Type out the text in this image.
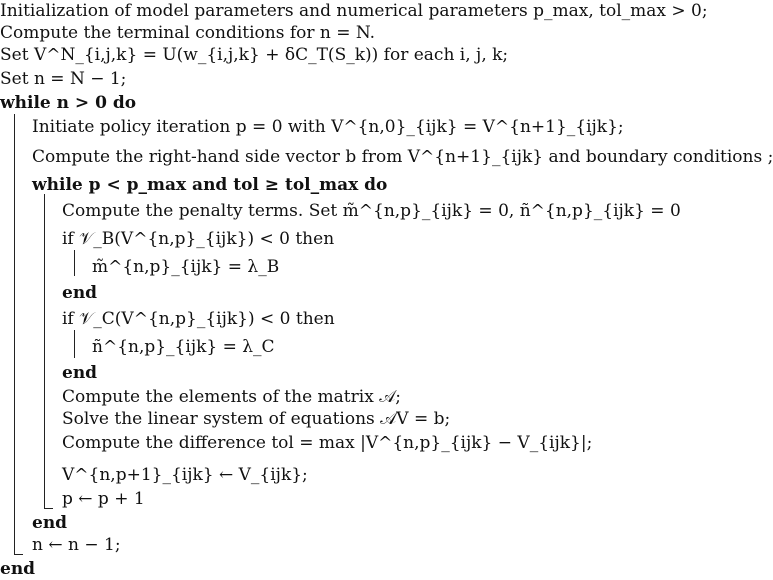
Initialization of model parameters and numerical parameters p_max, tol_max > 0;
Compute the terminal conditions for n = N.
Set V^N_{i,j,k} = U(w_{i,j,k} + δC_T(S_k)) for each i, j, k;
Set n = N − 1;
while n > 0 do
Initiate policy iteration p = 0 with V^{n,0}_{ijk} = V^{n+1}_{ijk};
Compute the right-hand side vector b from V^{n+1}_{ijk} and boundary conditions ;
while p < p_max and tol ≥ tol_max do
Compute the penalty terms. Set m̃^{n,p}_{ijk} = 0, ñ^{n,p}_{ijk} = 0
if 𝒱_B(V^{n,p}_{ijk}) < 0 then
m̃^{n,p}_{ijk} = λ_B
end
if 𝒱_C(V^{n,p}_{ijk}) < 0 then
ñ^{n,p}_{ijk} = λ_C
end
Compute the elements of the matrix 𝒜;
Solve the linear system of equations 𝒜V = b;
Compute the difference tol = max |V^{n,p}_{ijk} − V_{ijk}|;
V^{n,p+1}_{ijk} ← V_{ijk};
p ← p + 1
end
n ← n − 1;
end
